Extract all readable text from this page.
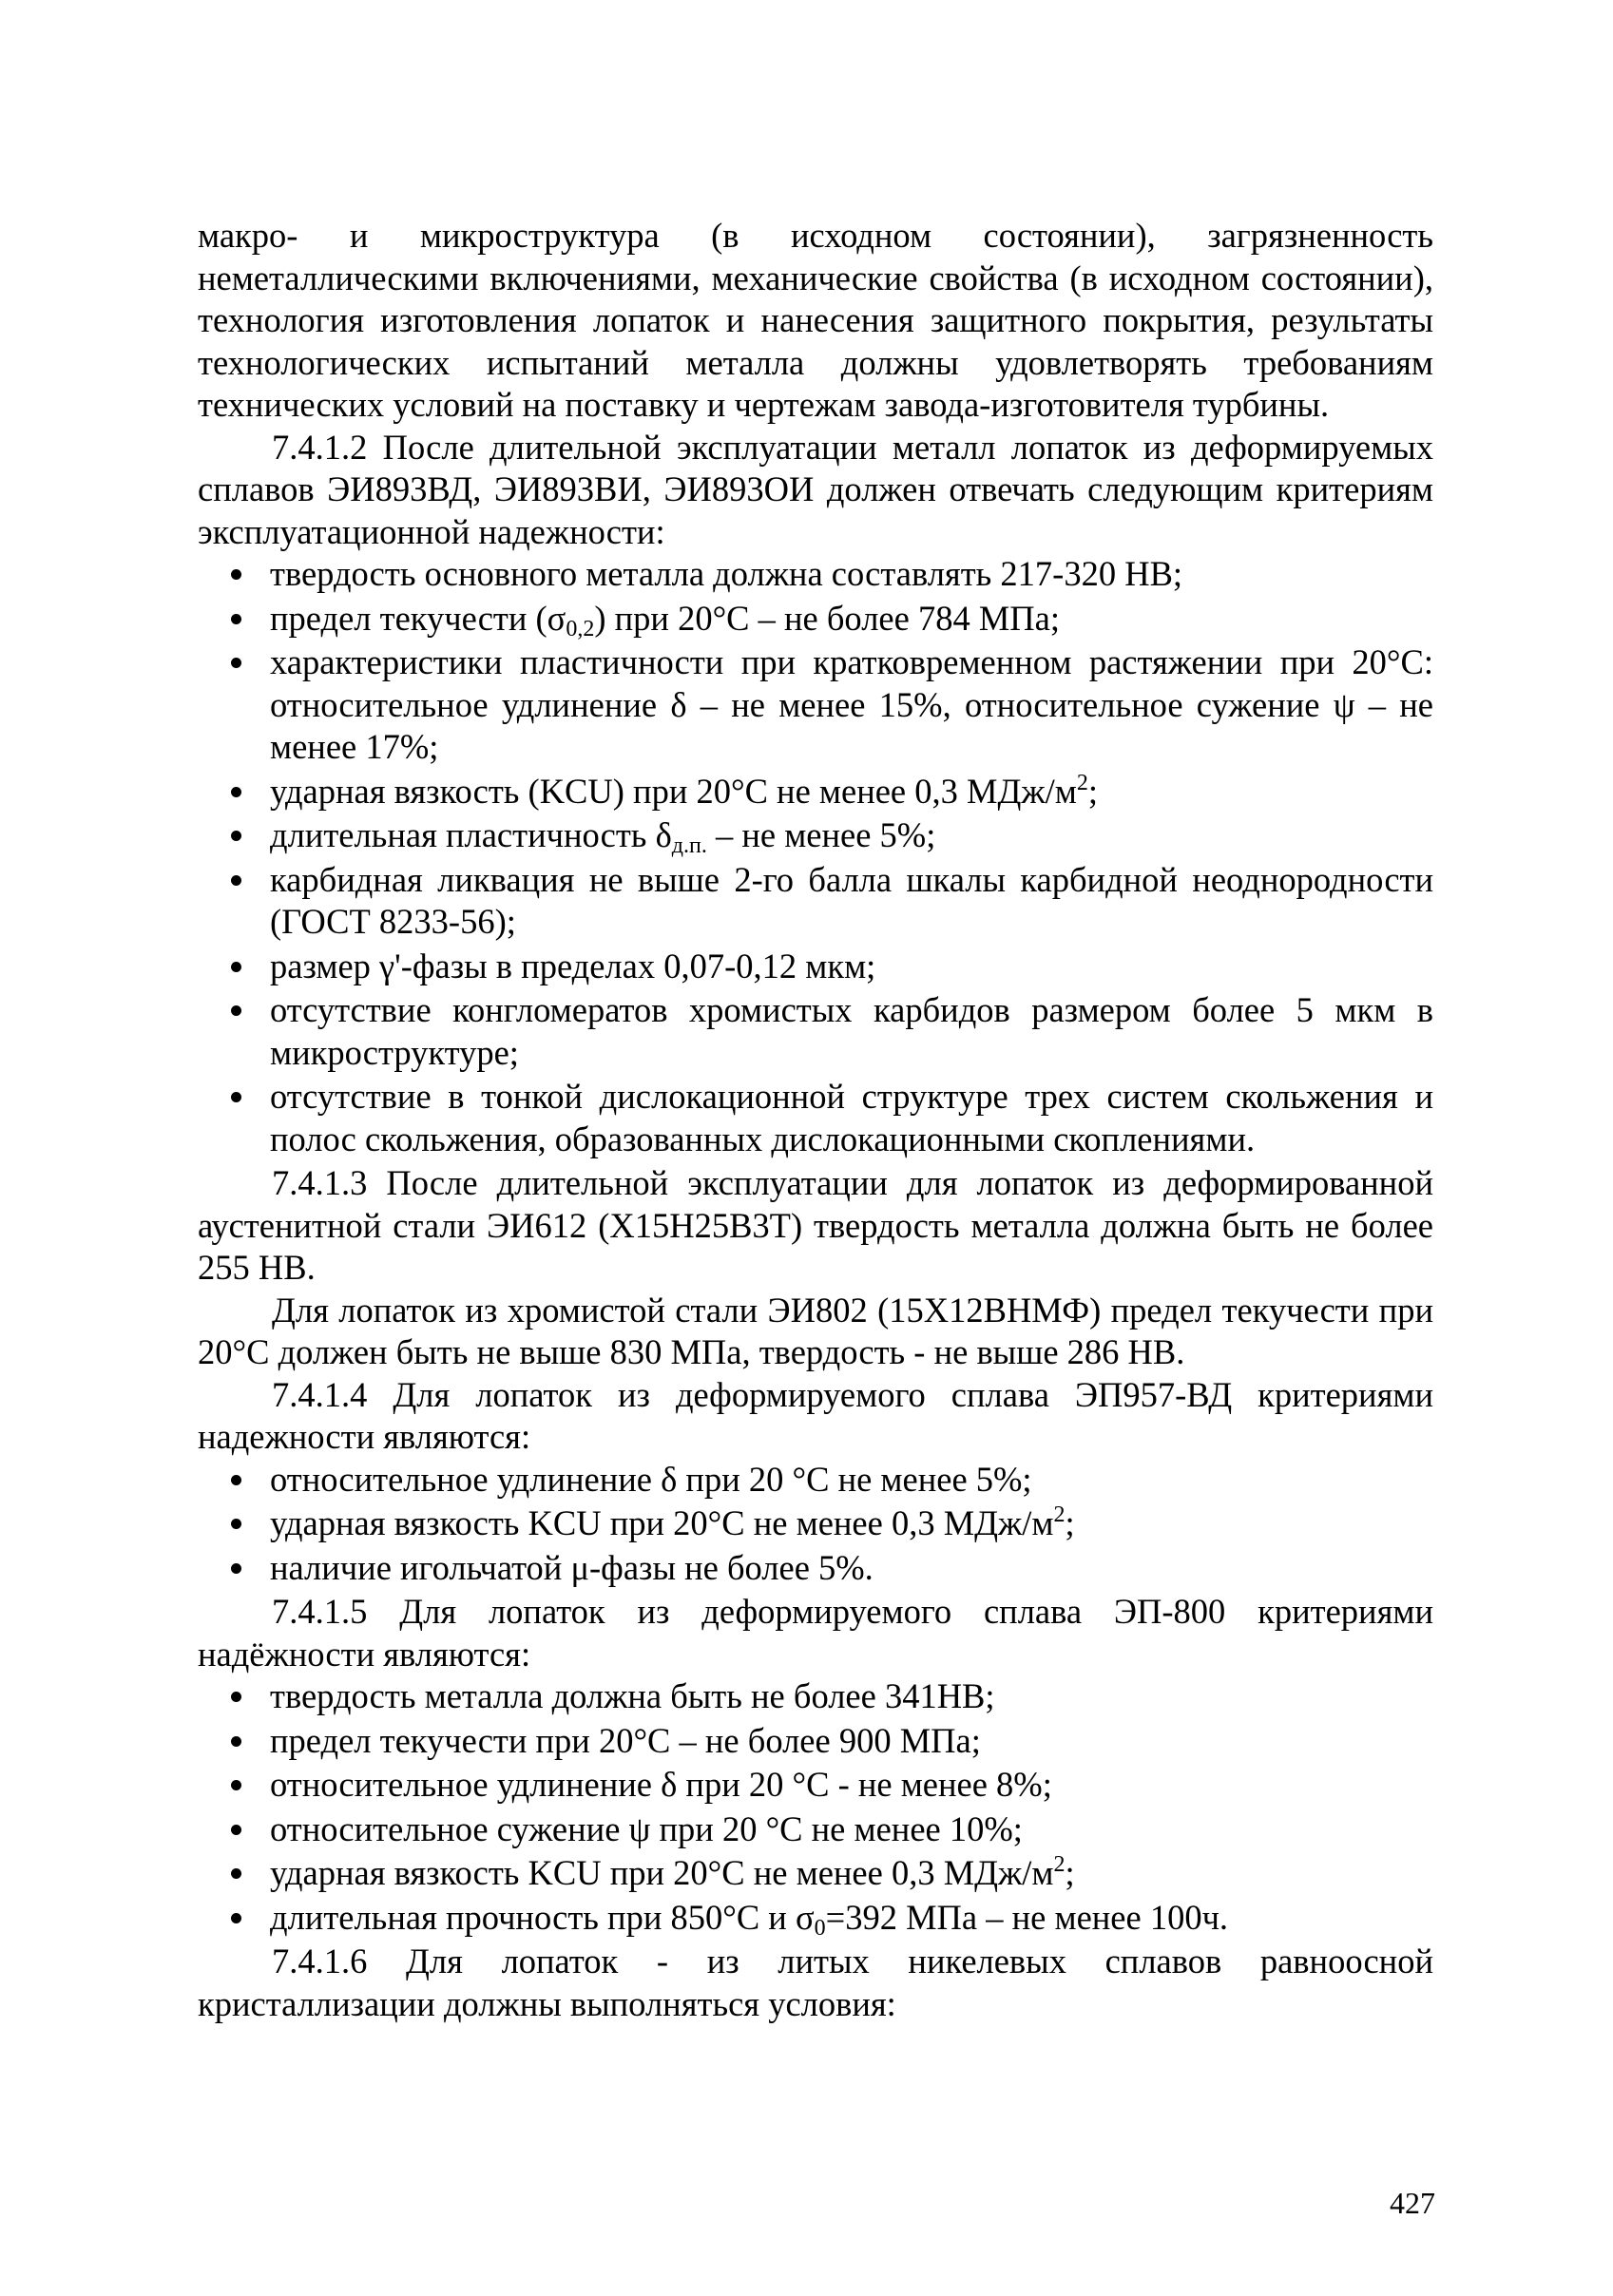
макро- и микроструктура (в исходном состоянии), загрязненность неметаллическими включениями, механические свойства (в исходном состоянии), технология изготовления лопаток и нанесения защитного покрытия, результаты технологических испытаний металла должны удовлетворять требованиям технических условий на поставку и чертежам завода-изготовителя турбины.

7.4.1.2 После длительной эксплуатации металл лопаток из деформируемых сплавов ЭИ893ВД, ЭИ893ВИ, ЭИ893ОИ должен отвечать следующим критериям эксплуатационной надежности:

твердость основного металла должна составлять 217-320 НВ;
предел текучести $(\sigma_{0,2})$ при 20°С – не более 784 МПа;
характеристики пластичности при кратковременном растяжении при 20°С: относительное удлинение δ – не менее 15%, относительное сужение ψ – не менее 17%;
ударная вязкость (KCU) при 20°С не менее 0,3 МДж/$м^2$;
длительная пластичность $\delta_{д.п.}$ – не менее 5%;
карбидная ликвация не выше 2-го балла шкалы карбидной неоднородности (ГОСТ 8233-56);
размер γ'-фазы в пределах 0,07-0,12 мкм;
отсутствие конгломератов хромистых карбидов размером более 5 мкм в микроструктуре;
отсутствие в тонкой дислокационной структуре трех систем скольжения и полос скольжения, образованных дислокационными скоплениями.

7.4.1.3 После длительной эксплуатации для лопаток из деформированной аустенитной стали ЭИ612 (Х15Н25В3Т) твердость металла должна быть не более 255 НВ.

Для лопаток из хромистой стали ЭИ802 (15Х12ВНМФ) предел текучести при 20°С должен быть не выше 830 МПа, твердость - не выше 286 НВ.

7.4.1.4 Для лопаток из деформируемого сплава ЭП957-ВД критериями надежности являются:

относительное удлинение δ при 20 °С не менее 5%;
ударная вязкость KCU при 20°С не менее 0,3 МДж/$м^2$;
наличие игольчатой μ-фазы не более 5%.

7.4.1.5 Для лопаток из деформируемого сплава ЭП-800 критериями надёжности являются:

твердость металла должна быть не более 341НВ;
предел текучести при 20°С – не более 900 МПа;
относительное удлинение δ при 20 °С - не менее 8%;
относительное сужение ψ при 20 °С не менее 10%;
ударная вязкость KCU при 20°С не менее 0,3 МДж/$м^2$;
длительная прочность при 850°С и $\sigma_0=392$ МПа – не менее 100ч.

7.4.1.6 Для лопаток - из литых никелевых сплавов равноосной кристаллизации должны выполняться условия:

427
